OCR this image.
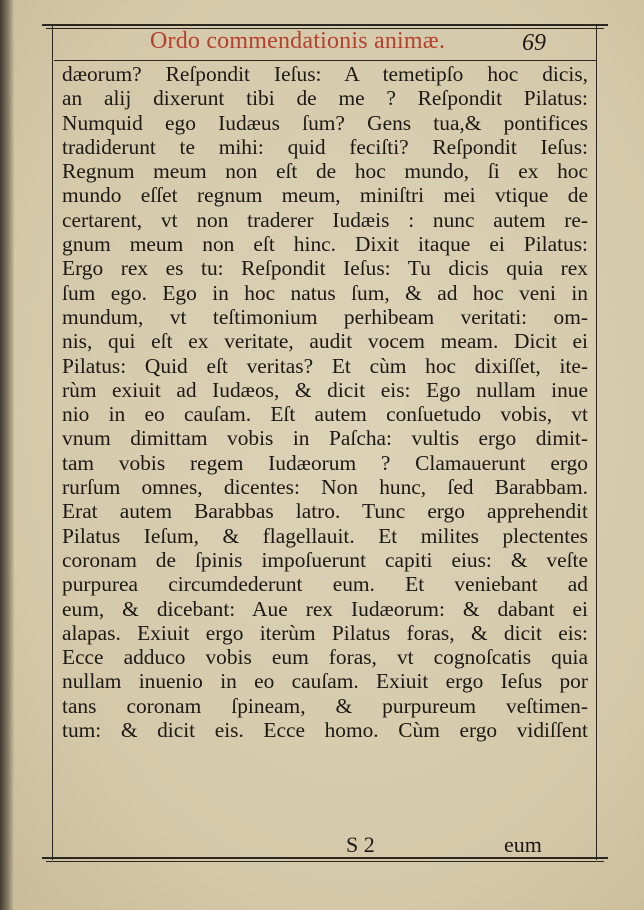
Ordo commendationis animæ.	69
dæorum? Reſpondit Ieſus: A temetipſo hoc dicis,
an alij dixerunt tibi de me ? Reſpondit Pilatus:
Numquid ego Iudæus ſum? Gens tua,& pontifices
tradiderunt te mihi: quid feciſti? Reſpondit Ieſus:
Regnum meum non eſt de hoc mundo, ſi ex hoc
mundo eſſet regnum meum, miniſtri mei vtique de
certarent, vt non traderer Iudæis : nunc autem re-
gnum meum non eſt hinc. Dixit itaque ei Pilatus:
Ergo rex es tu: Reſpondit Ieſus: Tu dicis quia rex
ſum ego. Ego in hoc natus ſum, & ad hoc veni in
mundum, vt teſtimonium perhibeam veritati: om-
nis, qui eſt ex veritate, audit vocem meam. Dicit ei
Pilatus: Quid eſt veritas? Et cùm hoc dixiſſet, ite-
rùm exiuit ad Iudæos, & dicit eis: Ego nullam inue
nio in eo cauſam. Eſt autem conſuetudo vobis, vt
vnum dimittam vobis in Paſcha: vultis ergo dimit-
tam vobis regem Iudæorum ? Clamauerunt ergo
rurſum omnes, dicentes: Non hunc, ſed Barabbam.
Erat autem Barabbas latro. Tunc ergo apprehendit
Pilatus Ieſum, & flagellauit. Et milites plectentes
coronam de ſpinis impoſuerunt capiti eius: & veſte
purpurea circumdederunt eum. Et veniebant ad
eum, & dicebant: Aue rex Iudæorum: & dabant ei
alapas. Exiuit ergo iterùm Pilatus foras, & dicit eis:
Ecce adduco vobis eum foras, vt cognoſcatis quia
nullam inuenio in eo cauſam. Exiuit ergo Ieſus por
tans coronam ſpineam, & purpureum veſtimen-
tum: & dicit eis. Ecce homo. Cùm ergo vidiſſent
S 2	eum
